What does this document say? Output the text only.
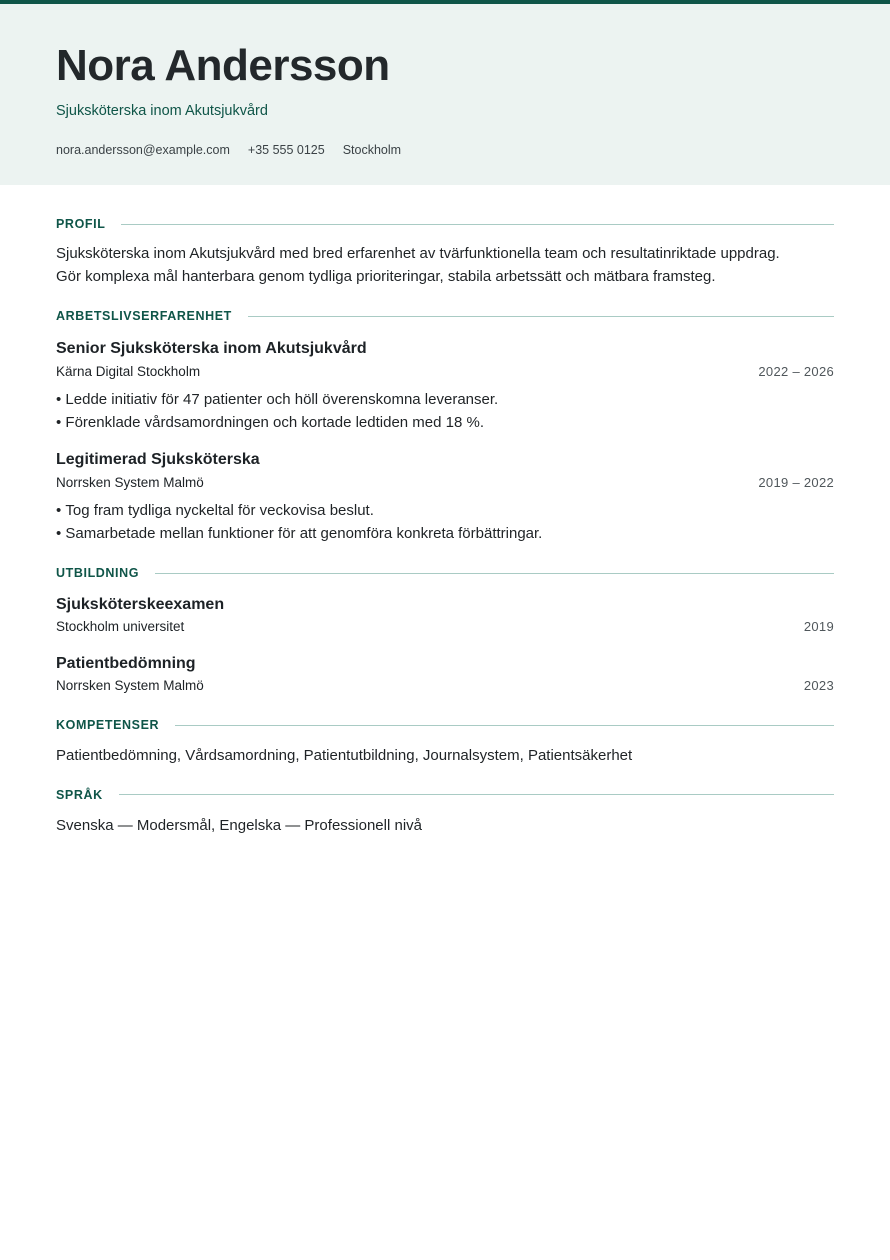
Nora Andersson
Sjuksköterska inom Akutsjukvård
nora.andersson@example.com +35 555 0125 Stockholm
PROFIL

Sjuksköterska inom Akutsjukvård med bred erfarenhet av tvärfunktionella team och resultatinriktade uppdrag.
Gör komplexa mål hanterbara genom tydliga prioriteringar, stabila arbetssätt och mätbara framsteg.

ARBETSLIVSERFARENHET
Senior Sjuksköterska inom Akutsjukvård
Kärna Digital Stockholm	2022 – 2026
• Ledde initiativ för 47 patienter och höll överenskomna leveranser.
• Förenklade vårdsamordningen och kortade ledtiden med 18 %.
Legitimerad Sjuksköterska
Norrsken System Malmö	2019 – 2022
• Tog fram tydliga nyckeltal för veckovisa beslut.
• Samarbetade mellan funktioner för att genomföra konkreta förbättringar.
UTBILDNING
Sjuksköterskeexamen
Stockholm universitet	2019
Patientbedömning
Norrsken System Malmö	2023
KOMPETENSER

Patientbedömning, Vårdsamordning, Patientutbildning, Journalsystem, Patientsäkerhet

SPRÅK

Svenska — Modersmål, Engelska — Professionell nivå
